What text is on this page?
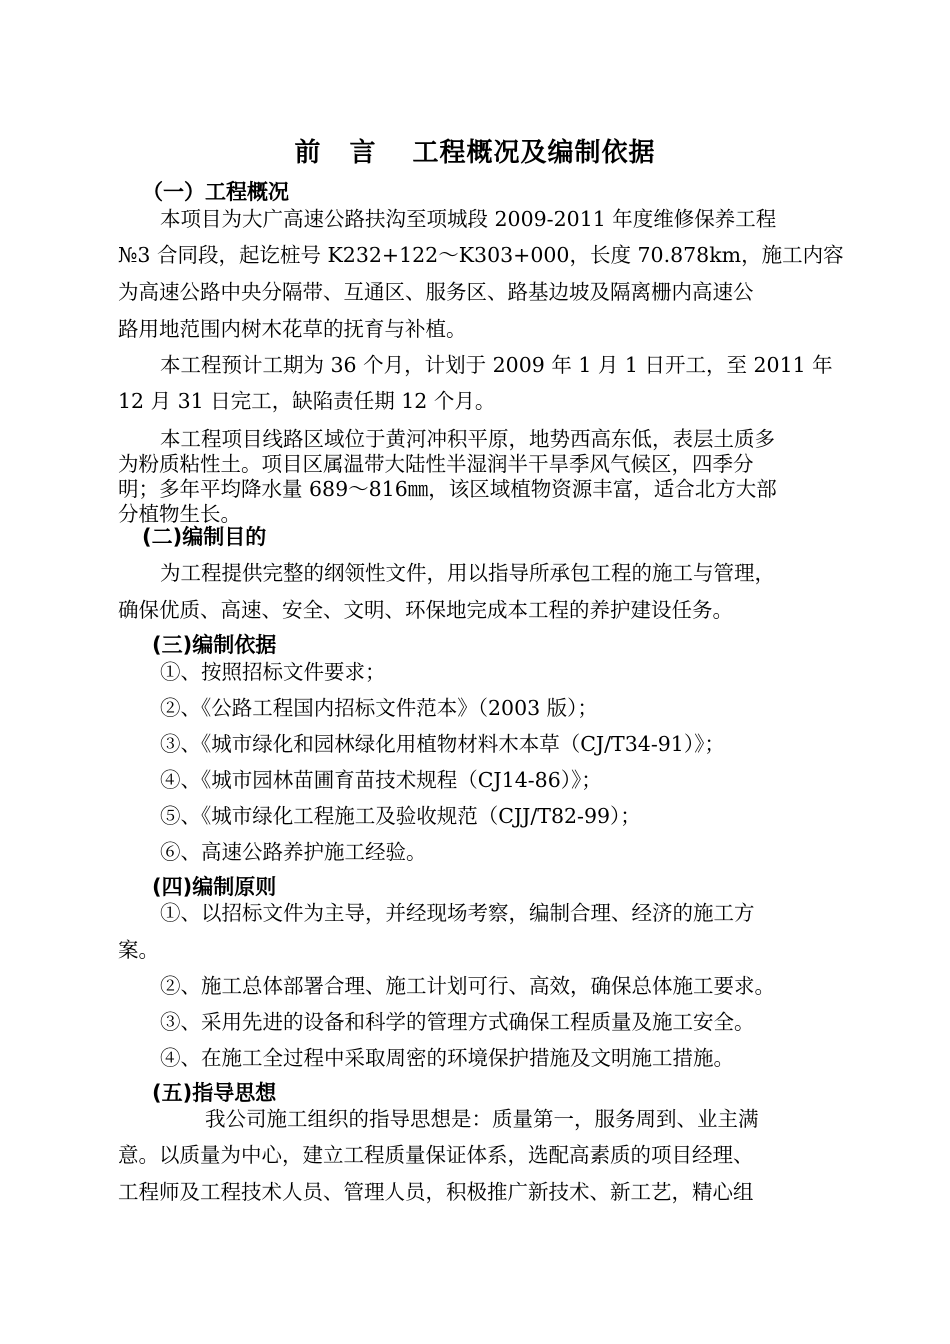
前 言 工程概况及编制依据
（一）工程概况
本项目为大广高速公路扶沟至项城段 2009-2011 年度维修保养工程
№3 合同段，起讫桩号 K232+122～K303+000，长度 70.878km，施工内容
为高速公路中央分隔带、互通区、服务区、路基边坡及隔离栅内高速公
路用地范围内树木花草的抚育与补植。
本工程预计工期为 36 个月，计划于 2009 年 1 月 1 日开工，至 2011 年
12 月 31 日完工，缺陷责任期 12 个月。
本工程项目线路区域位于黄河冲积平原，地势西高东低，表层土质多
为粉质粘性土。项目区属温带大陆性半湿润半干旱季风气候区，四季分
明；多年平均降水量 689～816㎜，该区域植物资源丰富，适合北方大部
分植物生长。
(二)编制目的
为工程提供完整的纲领性文件，用以指导所承包工程的施工与管理，
确保优质、高速、安全、文明、环保地完成本工程的养护建设任务。
(三)编制依据
①、按照招标文件要求；
②、《公路工程国内招标文件范本》（2003 版）；
③、《城市绿化和园林绿化用植物材料木本草（CJ/T34-91）》；
④、《城市园林苗圃育苗技术规程（CJ14-86）》；
⑤、《城市绿化工程施工及验收规范（CJJ/T82-99）；
⑥、高速公路养护施工经验。
(四)编制原则
①、以招标文件为主导，并经现场考察，编制合理、经济的施工方
案。
②、施工总体部署合理、施工计划可行、高效，确保总体施工要求。
③、采用先进的设备和科学的管理方式确保工程质量及施工安全。
④、在施工全过程中采取周密的环境保护措施及文明施工措施。
(五)指导思想
我公司施工组织的指导思想是：质量第一，服务周到、业主满
意。以质量为中心，建立工程质量保证体系，选配高素质的项目经理、
工程师及工程技术人员、管理人员，积极推广新技术、新工艺，精心组
